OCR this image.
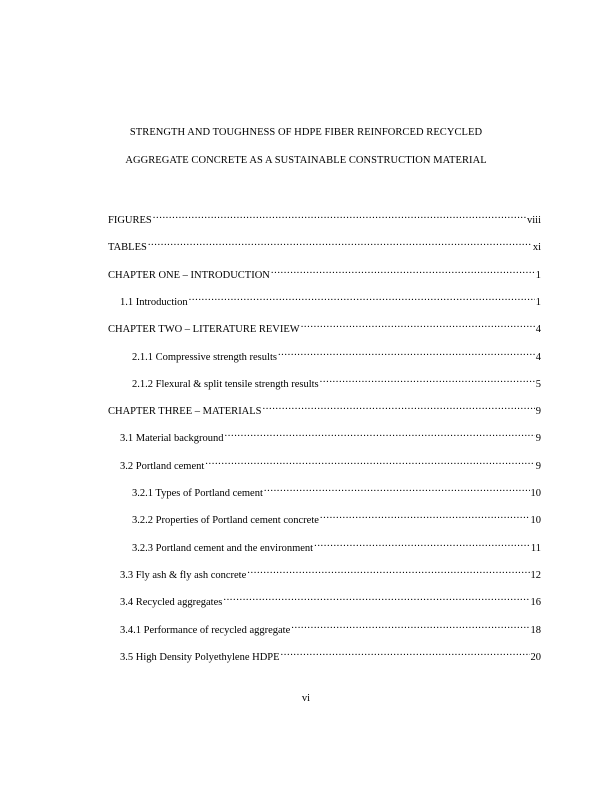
STRENGTH AND TOUGHNESS OF HDPE FIBER REINFORCED RECYCLED
AGGREGATE CONCRETE AS A SUSTAINABLE CONSTRUCTION MATERIAL
FIGURES .....	viii
TABLES .....	xi
CHAPTER ONE – INTRODUCTION .....	1
1.1 Introduction .....	1
CHAPTER TWO – LITERATURE REVIEW .....	4
2.1.1 Compressive strength results .....	4
2.1.2 Flexural & split tensile strength results .....	5
CHAPTER THREE – MATERIALS .....	9
3.1 Material background .....	9
3.2 Portland cement .....	9
3.2.1 Types of Portland cement .....	10
3.2.2 Properties of Portland cement concrete .....	10
3.2.3 Portland cement and the environment .....	11
3.3 Fly ash & fly ash concrete .....	12
3.4 Recycled aggregates .....	16
3.4.1 Performance of recycled aggregate .....	18
3.5 High Density Polyethylene HDPE .....	20
vi
